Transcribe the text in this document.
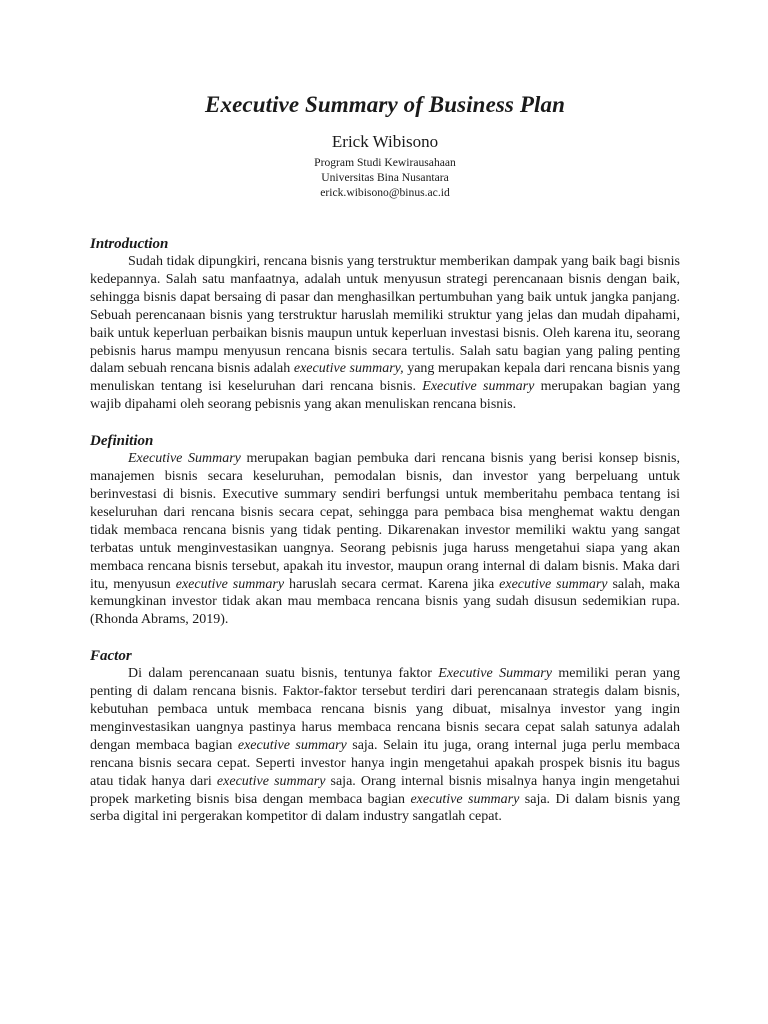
Executive Summary of Business Plan
Erick Wibisono
Program Studi Kewirausahaan
Universitas Bina Nusantara
erick.wibisono@binus.ac.id
Introduction

Sudah tidak dipungkiri, rencana bisnis yang terstruktur memberikan dampak yang baik bagi bisnis kedepannya. Salah satu manfaatnya, adalah untuk menyusun strategi perencanaan bisnis dengan baik, sehingga bisnis dapat bersaing di pasar dan menghasilkan pertumbuhan yang baik untuk jangka panjang. Sebuah perencanaan bisnis yang terstruktur haruslah memiliki struktur yang jelas dan mudah dipahami, baik untuk keperluan perbaikan bisnis maupun untuk keperluan investasi bisnis. Oleh karena itu, seorang pebisnis harus mampu menyusun rencana bisnis secara tertulis. Salah satu bagian yang paling penting dalam sebuah rencana bisnis adalah executive summary, yang merupakan kepala dari rencana bisnis yang menuliskan tentang isi keseluruhan dari rencana bisnis. Executive summary merupakan bagian yang wajib dipahami oleh seorang pebisnis yang akan menuliskan rencana bisnis.

Definition

Executive Summary merupakan bagian pembuka dari rencana bisnis yang berisi konsep bisnis, manajemen bisnis secara keseluruhan, pemodalan bisnis, dan investor yang berpeluang untuk berinvestasi di bisnis. Executive summary sendiri berfungsi untuk memberitahu pembaca tentang isi keseluruhan dari rencana bisnis secara cepat, sehingga para pembaca bisa menghemat waktu dengan tidak membaca rencana bisnis yang tidak penting. Dikarenakan investor memiliki waktu yang sangat terbatas untuk menginvestasikan uangnya. Seorang pebisnis juga haruss mengetahui siapa yang akan membaca rencana bisnis tersebut, apakah itu investor, maupun orang internal di dalam bisnis. Maka dari itu, menyusun executive summary haruslah secara cermat. Karena jika executive summary salah, maka kemungkinan investor tidak akan mau membaca rencana bisnis yang sudah disusun sedemikian rupa. (Rhonda Abrams, 2019).

Factor

Di dalam perencanaan suatu bisnis, tentunya faktor Executive Summary memiliki peran yang penting di dalam rencana bisnis. Faktor-faktor tersebut terdiri dari perencanaan strategis dalam bisnis, kebutuhan pembaca untuk membaca rencana bisnis yang dibuat, misalnya investor yang ingin menginvestasikan uangnya pastinya harus membaca rencana bisnis secara cepat salah satunya adalah dengan membaca bagian executive summary saja. Selain itu juga, orang internal juga perlu membaca rencana bisnis secara cepat. Seperti investor hanya ingin mengetahui apakah prospek bisnis itu bagus atau tidak hanya dari executive summary saja. Orang internal bisnis misalnya hanya ingin mengetahui propek marketing bisnis bisa dengan membaca bagian executive summary saja. Di dalam bisnis yang serba digital ini pergerakan kompetitor di dalam industry sangatlah cepat.
